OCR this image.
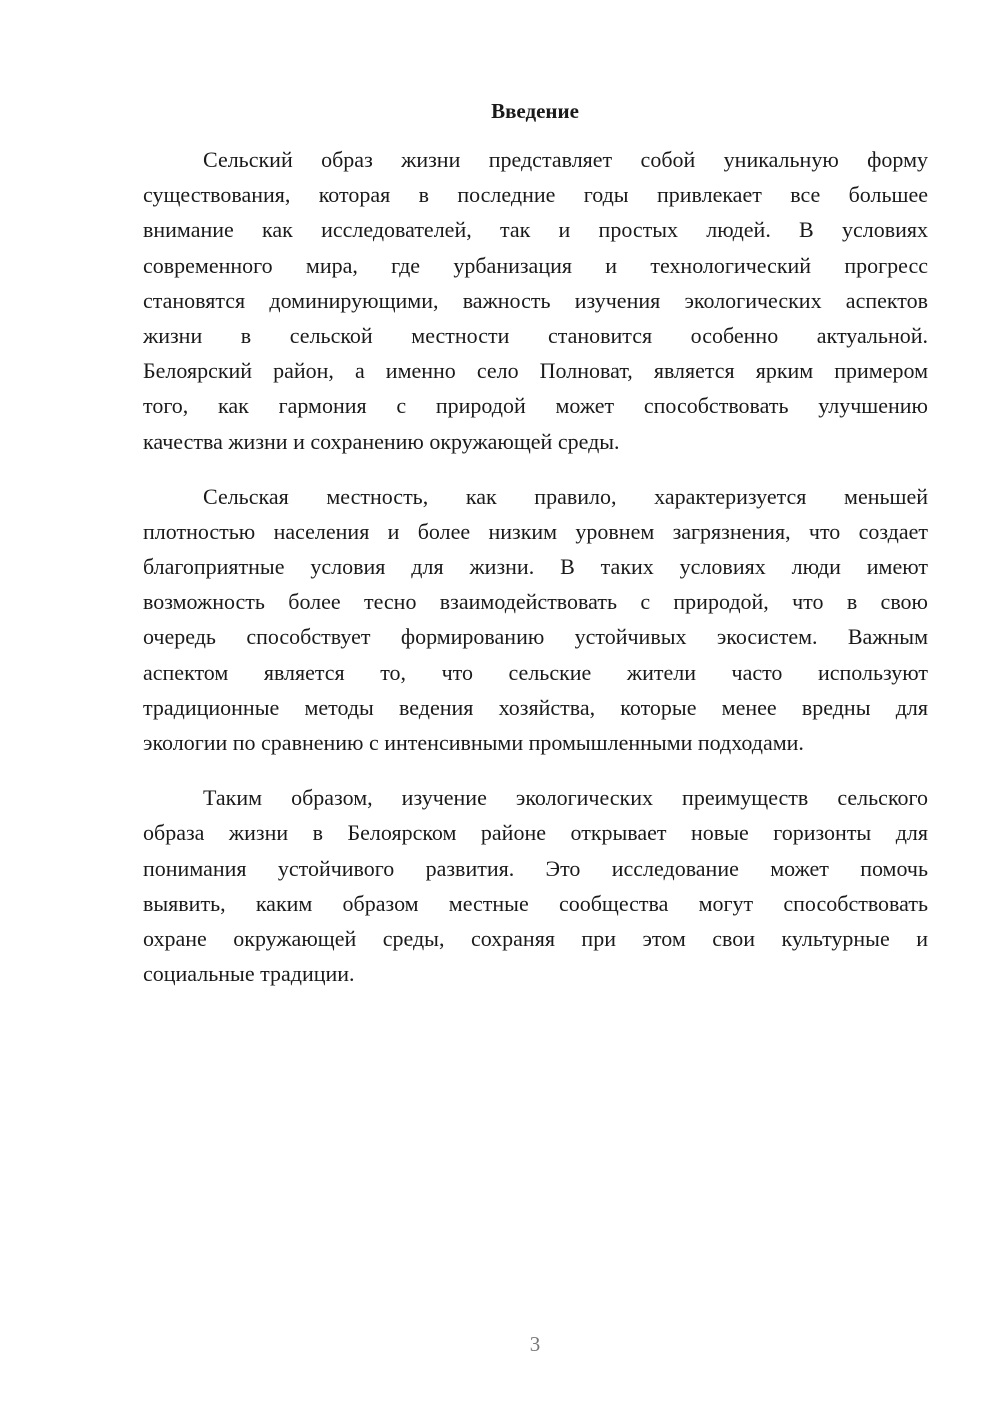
Введение
Сельский образ жизни представляет собой уникальную форму
существования, которая в последние годы привлекает все большее
внимание как исследователей, так и простых людей. В условиях
современного мира, где урбанизация и технологический прогресс
становятся доминирующими, важность изучения экологических аспектов
жизни в сельской местности становится особенно актуальной.
Белоярский район, а именно село Полноват, является ярким примером
того, как гармония с природой может способствовать улучшению
качества жизни и сохранению окружающей среды.
Сельская местность, как правило, характеризуется меньшей
плотностью населения и более низким уровнем загрязнения, что создает
благоприятные условия для жизни. В таких условиях люди имеют
возможность более тесно взаимодействовать с природой, что в свою
очередь способствует формированию устойчивых экосистем. Важным
аспектом является то, что сельские жители часто используют
традиционные методы ведения хозяйства, которые менее вредны для
экологии по сравнению с интенсивными промышленными подходами.
Таким образом, изучение экологических преимуществ сельского
образа жизни в Белоярском районе открывает новые горизонты для
понимания устойчивого развития. Это исследование может помочь
выявить, каким образом местные сообщества могут способствовать
охране окружающей среды, сохраняя при этом свои культурные и
социальные традиции.
3
